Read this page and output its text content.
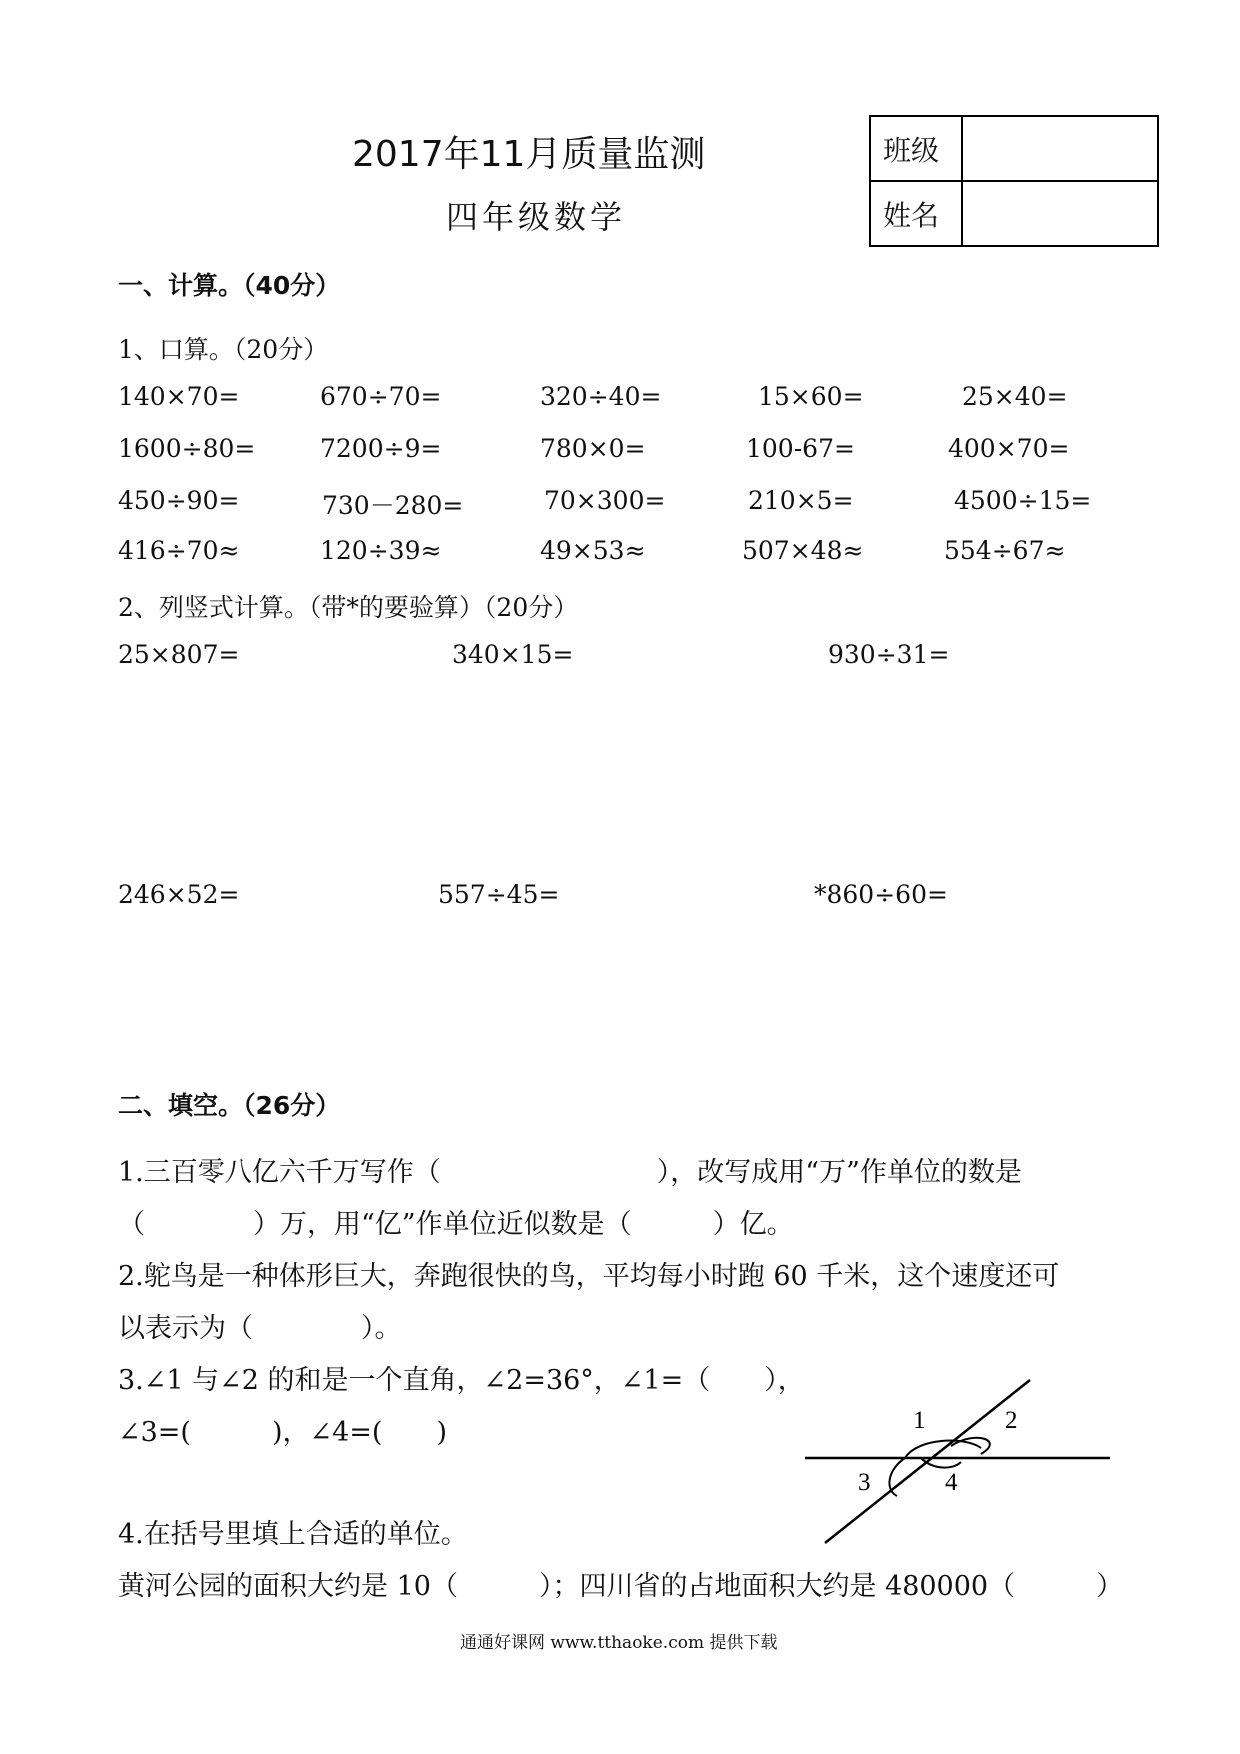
2017年11月质量监测
四年级数学
班级	
姓名	
一、计算。（40分）
1、口算。（20分）
140×70=	670÷70=	320÷40=	15×60=	25×40=
1600÷80=	7200÷9=	780×0=	100-67=	400×70=
450÷90=	730－280=	70×300=	210×5=	4500÷15=
416÷70≈	120÷39≈	49×53≈	507×48≈	554÷67≈
2、列竖式计算。（带*的要验算）（20分）
25×807=	340×15=	930÷31=
246×52=	557÷45=	*860÷60=
二、填空。（26分）
1.三百零八亿六千万写作（　　　　　　　　），改写成用“万”作单位的数是
（　　　　）万，用“亿”作单位近似数是（　　　）亿。
2.鸵鸟是一种体形巨大，奔跑很快的鸟，平均每小时跑 60 千米，这个速度还可
以表示为（　　　　）。
3.∠1 与∠2 的和是一个直角，∠2=36°，∠1=（　　），
∠3=(　　　)，∠4=(　　)
4.在括号里填上合适的单位。
黄河公园的面积大约是 10（　　　）；四川省的占地面积大约是 480000（　　　）
1	2
3	4
通通好课网 www.tthaoke.com 提供下载
